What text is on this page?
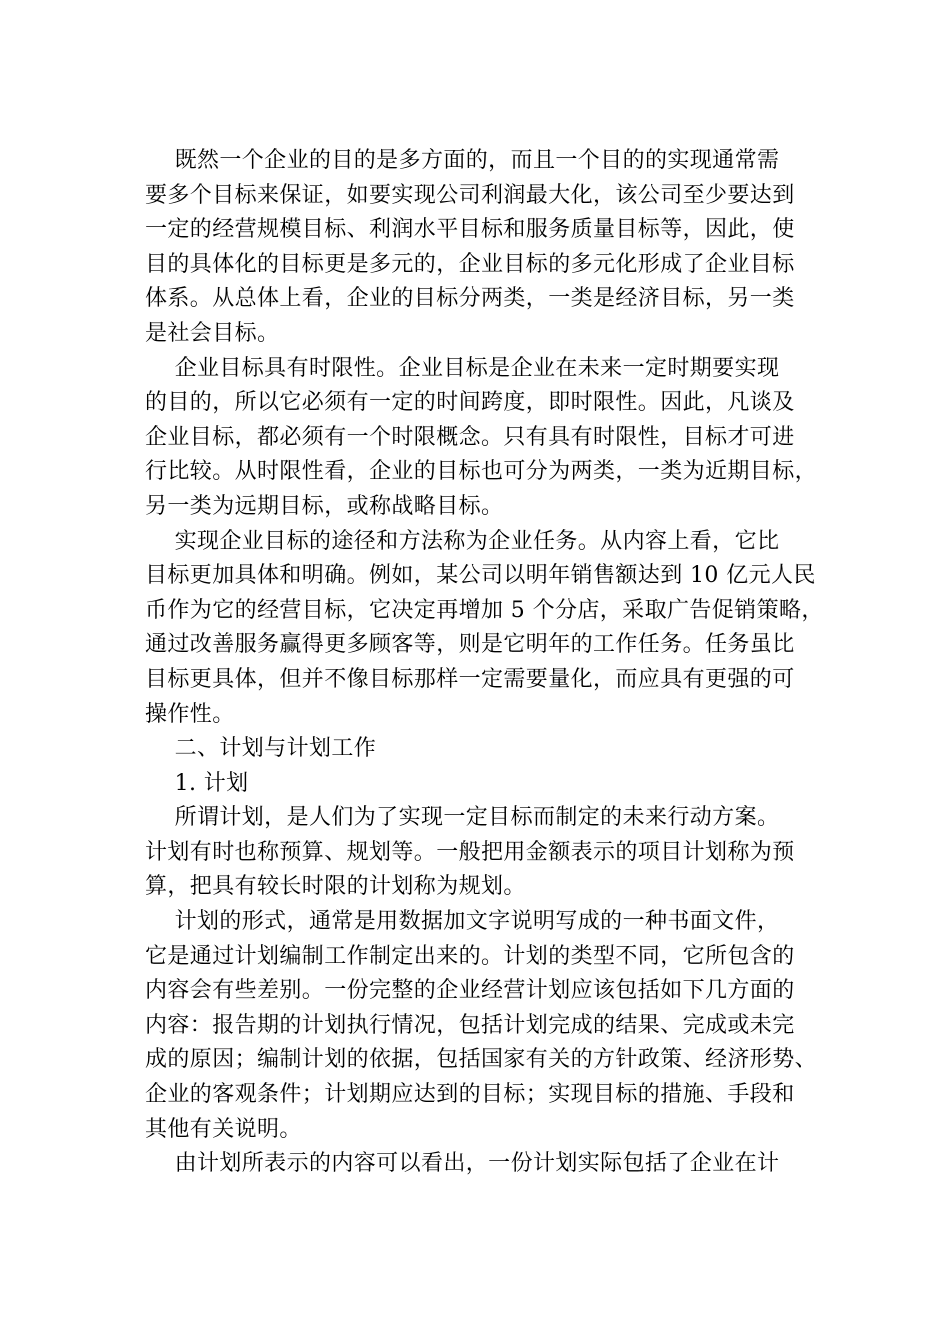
既然一个企业的目的是多方面的，而且一个目的的实现通常需
要多个目标来保证，如要实现公司利润最大化，该公司至少要达到
一定的经营规模目标、利润水平目标和服务质量目标等，因此，使
目的具体化的目标更是多元的，企业目标的多元化形成了企业目标
体系。从总体上看，企业的目标分两类，一类是经济目标，另一类
是社会目标。
企业目标具有时限性。企业目标是企业在未来一定时期要实现
的目的，所以它必须有一定的时间跨度，即时限性。因此，凡谈及
企业目标，都必须有一个时限概念。只有具有时限性，目标才可进
行比较。从时限性看，企业的目标也可分为两类，一类为近期目标，
另一类为远期目标，或称战略目标。
实现企业目标的途径和方法称为企业任务。从内容上看，它比
目标更加具体和明确。例如，某公司以明年销售额达到 10 亿元人民
币作为它的经营目标，它决定再增加 5 个分店，采取广告促销策略，
通过改善服务赢得更多顾客等，则是它明年的工作任务。任务虽比
目标更具体，但并不像目标那样一定需要量化，而应具有更强的可
操作性。
二、计划与计划工作
1. 计划
所谓计划，是人们为了实现一定目标而制定的未来行动方案。
计划有时也称预算、规划等。一般把用金额表示的项目计划称为预
算，把具有较长时限的计划称为规划。
计划的形式，通常是用数据加文字说明写成的一种书面文件，
它是通过计划编制工作制定出来的。计划的类型不同，它所包含的
内容会有些差别。一份完整的企业经营计划应该包括如下几方面的
内容：报告期的计划执行情况，包括计划完成的结果、完成或未完
成的原因；编制计划的依据，包括国家有关的方针政策、经济形势、
企业的客观条件；计划期应达到的目标；实现目标的措施、手段和
其他有关说明。
由计划所表示的内容可以看出，一份计划实际包括了企业在计
